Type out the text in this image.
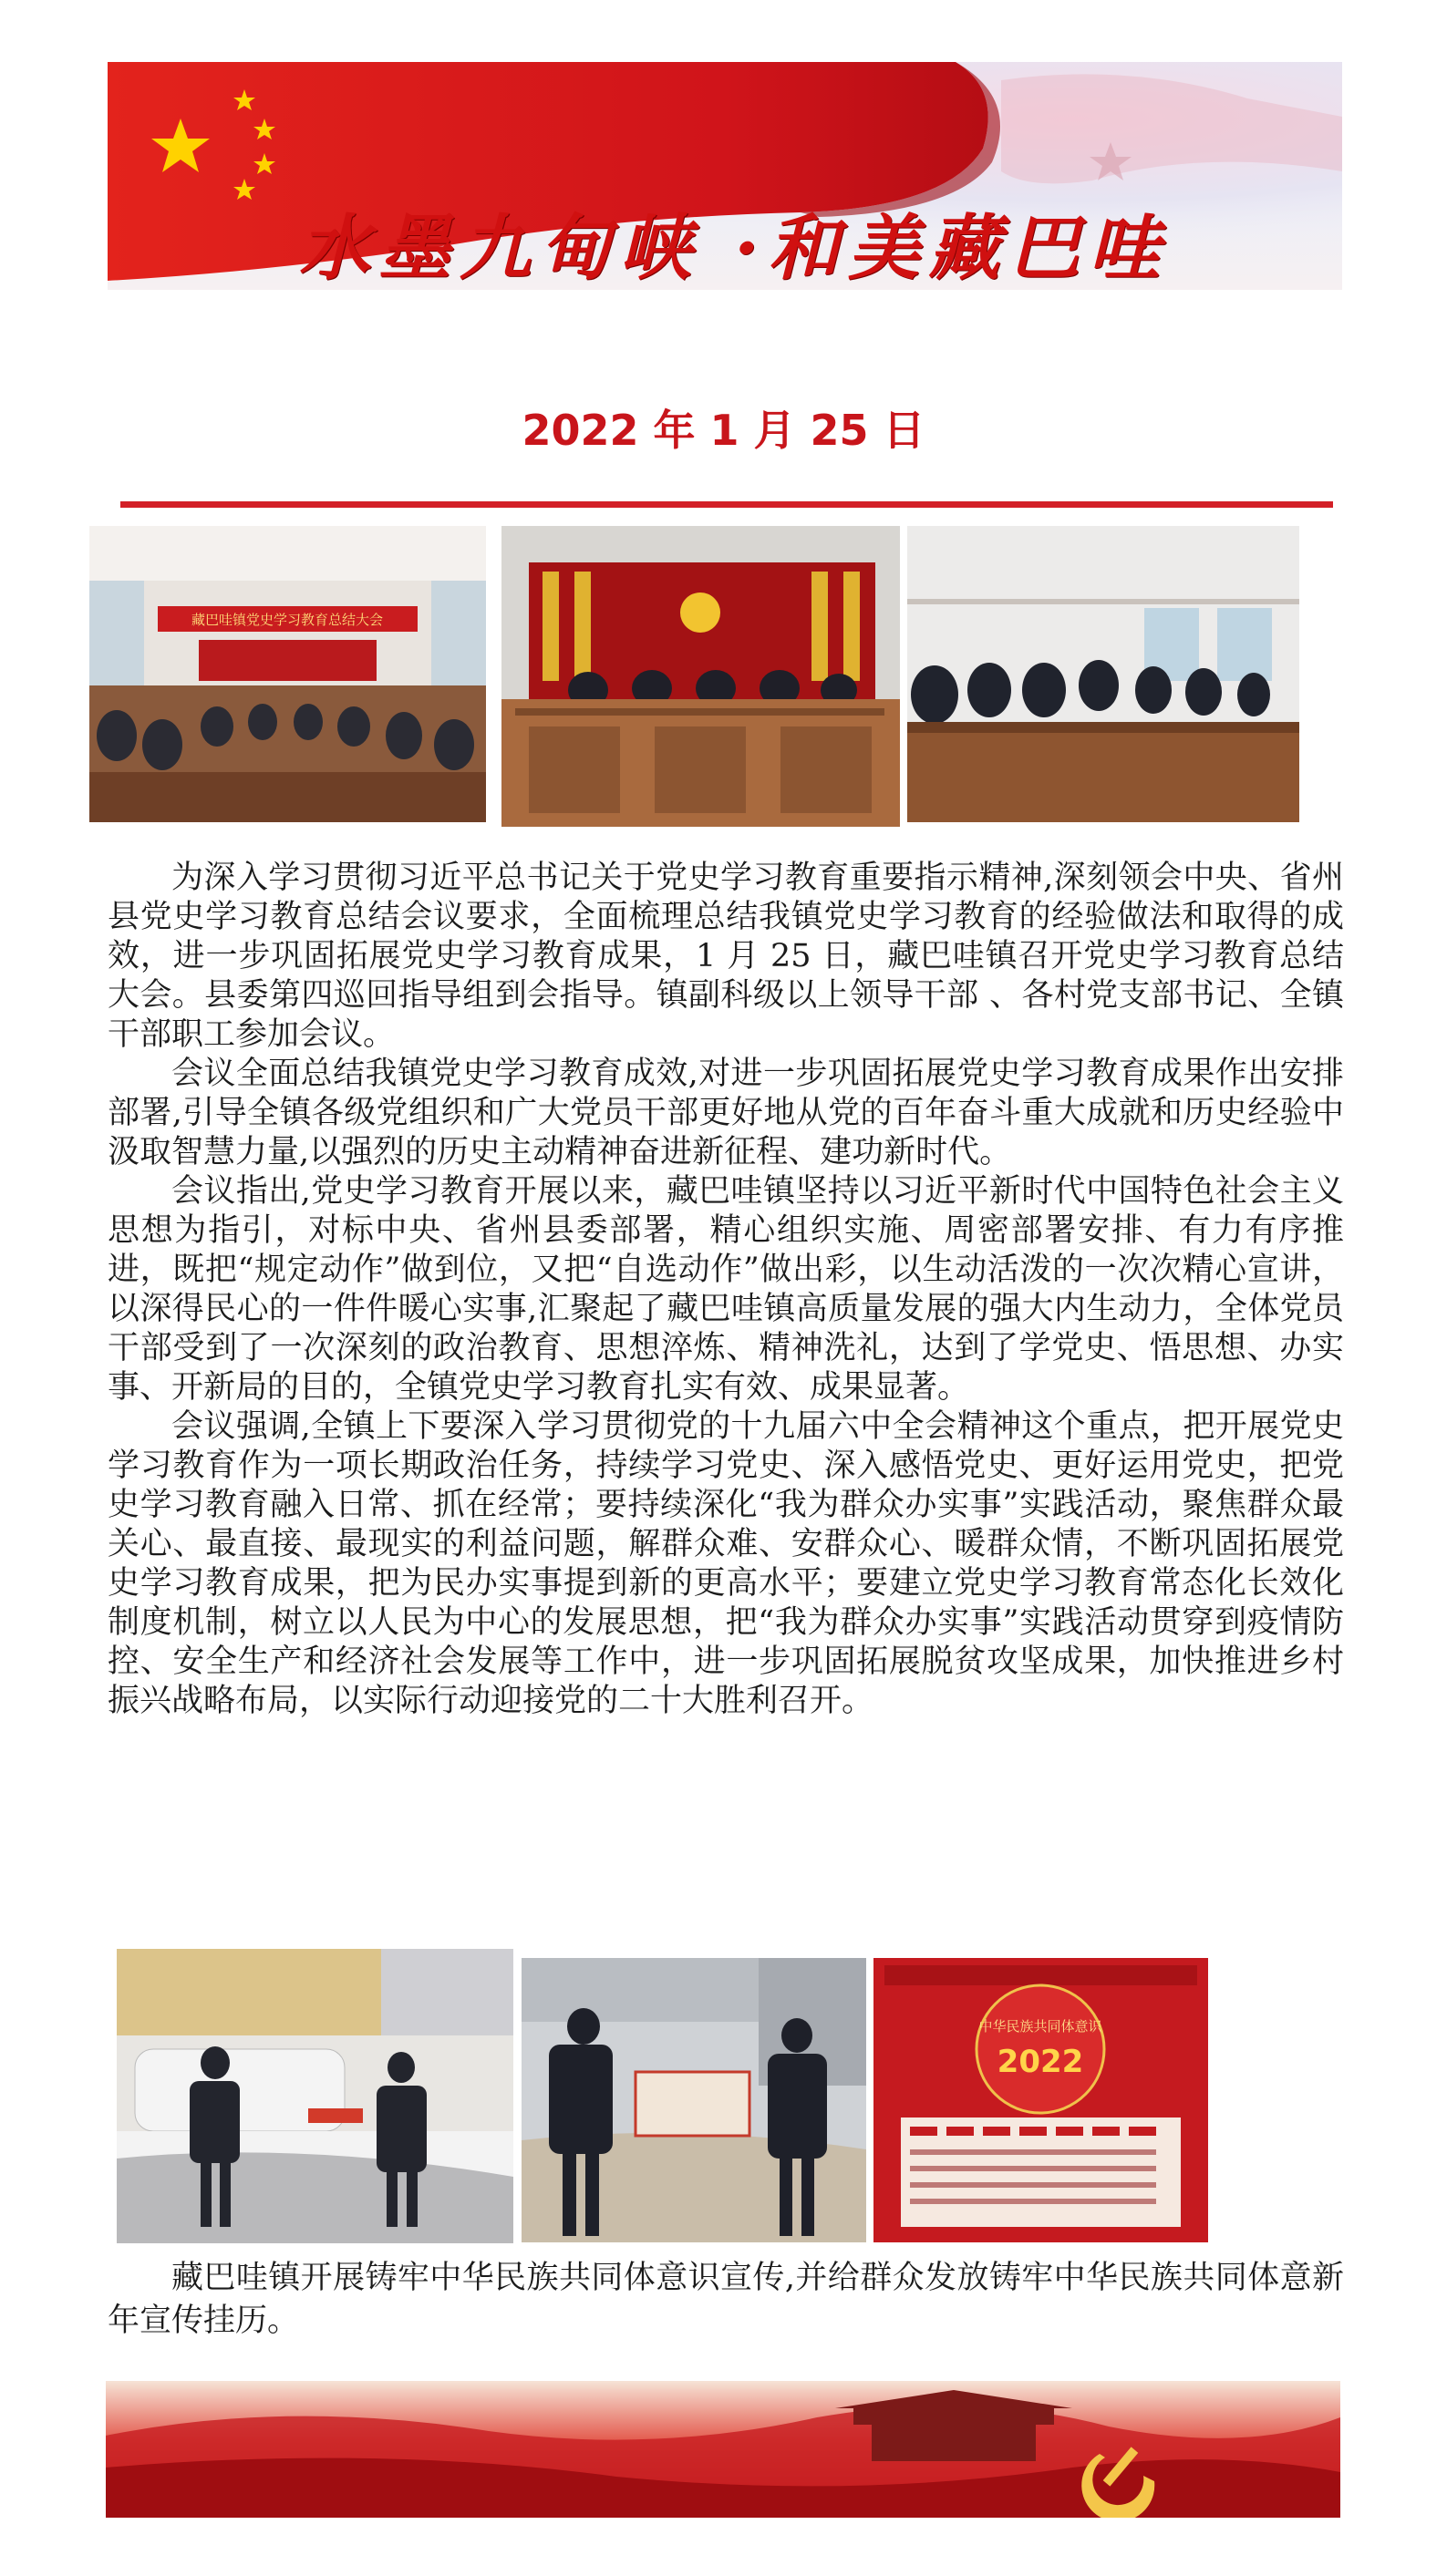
水墨九甸峡 ·和美藏巴哇
2022 年 1 月 25 日
藏巴哇镇党史学习教育总结大会

为深入学习贯彻习近平总书记关于党史学习教育重要指示精神,深刻领会中央、省州县党史学习教育总结会议要求，全面梳理总结我镇党史学习教育的经验做法和取得的成效，进一步巩固拓展党史学习教育成果，1 月 25 日，藏巴哇镇召开党史学习教育总结大会。县委第四巡回指导组到会指导。镇副科级以上领导干部 、各村党支部书记、全镇干部职工参加会议。

会议全面总结我镇党史学习教育成效,对进一步巩固拓展党史学习教育成果作出安排部署,引导全镇各级党组织和广大党员干部更好地从党的百年奋斗重大成就和历史经验中汲取智慧力量,以强烈的历史主动精神奋进新征程、建功新时代。

会议指出,党史学习教育开展以来，藏巴哇镇坚持以习近平新时代中国特色社会主义思想为指引，对标中央、省州县委部署，精心组织实施、周密部署安排、有力有序推进，既把“规定动作”做到位，又把“自选动作”做出彩，以生动活泼的一次次精心宣讲，以深得民心的一件件暖心实事,汇聚起了藏巴哇镇高质量发展的强大内生动力，全体党员干部受到了一次深刻的政治教育、思想淬炼、精神洗礼，达到了学党史、悟思想、办实事、开新局的目的，全镇党史学习教育扎实有效、成果显著。

会议强调,全镇上下要深入学习贯彻党的十九届六中全会精神这个重点，把开展党史学习教育作为一项长期政治任务，持续学习党史、深入感悟党史、更好运用党史，把党史学习教育融入日常、抓在经常；要持续深化“我为群众办实事”实践活动，聚焦群众最关心、最直接、最现实的利益问题，解群众难、安群众心、暖群众情，不断巩固拓展党史学习教育成果，把为民办实事提到新的更高水平；要建立党史学习教育常态化长效化制度机制，树立以人民为中心的发展思想，把“我为群众办实事”实践活动贯穿到疫情防控、安全生产和经济社会发展等工作中，进一步巩固拓展脱贫攻坚成果，加快推进乡村振兴战略布局，以实际行动迎接党的二十大胜利召开。

中华民族共同体意识
2022
藏巴哇镇开展铸牢中华民族共同体意识宣传,并给群众发放铸牢中华民族共同体意新年宣传挂历。
